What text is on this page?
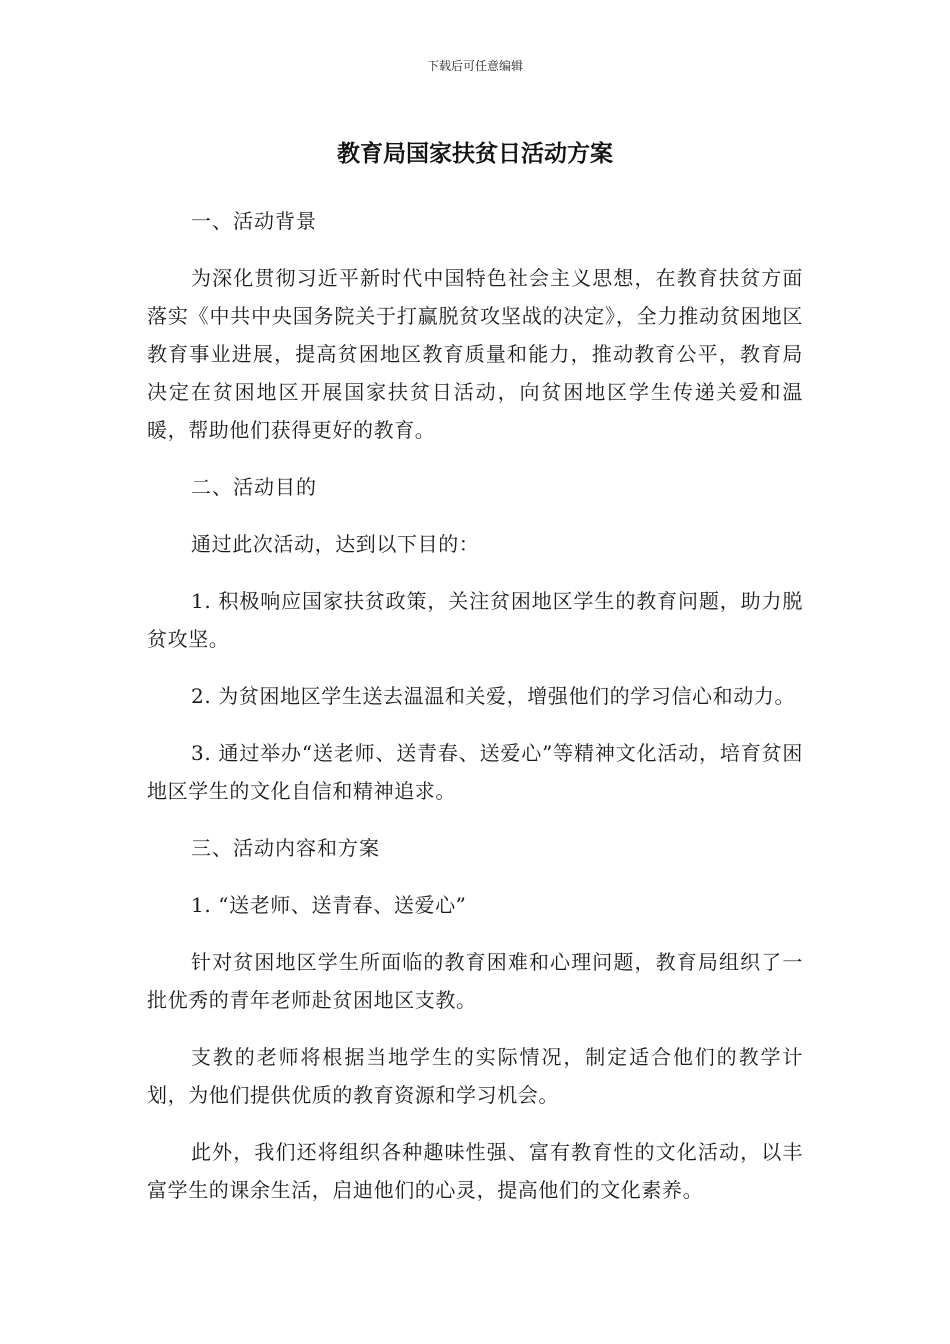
下载后可任意编辑
教育局国家扶贫日活动方案

一、活动背景

为深化贯彻习近平新时代中国特色社会主义思想，在教育扶贫方面落实《中共中央国务院关于打赢脱贫攻坚战的决定》，全力推动贫困地区教育事业进展，提高贫困地区教育质量和能力，推动教育公平，教育局决定在贫困地区开展国家扶贫日活动，向贫困地区学生传递关爱和温暖，帮助他们获得更好的教育。

二、活动目的

通过此次活动，达到以下目的：

1. 积极响应国家扶贫政策，关注贫困地区学生的教育问题，助力脱贫攻坚。

2. 为贫困地区学生送去温温和关爱，增强他们的学习信心和动力。

3. 通过举办“送老师、送青春、送爱心”等精神文化活动，培育贫困地区学生的文化自信和精神追求。

三、活动内容和方案

1. “送老师、送青春、送爱心”

针对贫困地区学生所面临的教育困难和心理问题，教育局组织了一批优秀的青年老师赴贫困地区支教。

支教的老师将根据当地学生的实际情况，制定适合他们的教学计划，为他们提供优质的教育资源和学习机会。

此外，我们还将组织各种趣味性强、富有教育性的文化活动，以丰富学生的课余生活，启迪他们的心灵，提高他们的文化素养。
